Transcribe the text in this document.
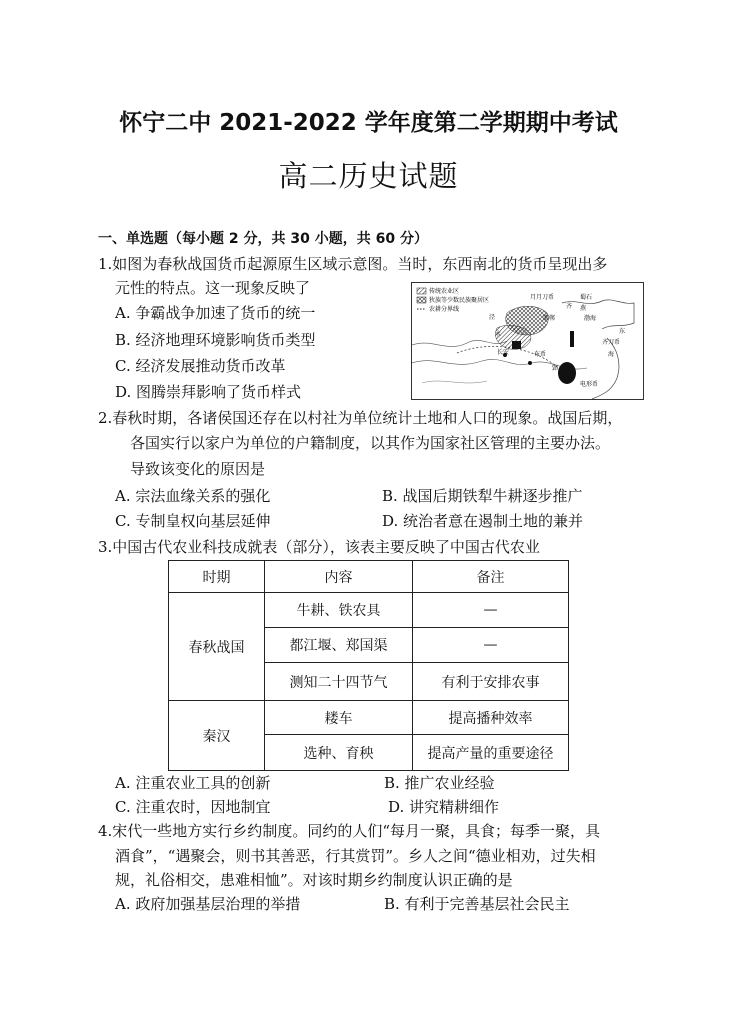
怀宁二中 2021-2022 学年度第二学期期中考试
高二历史试题
一、单选题（每小题 2 分，共 30 小题，共 60 分）
1.如图为春秋战国货币起源原生区域示意图。当时，东西南北的货币呈现出多
元性的特点。这一现象反映了
A. 争霸战争加速了货币的统一
B. 经济地理环境影响货币类型
C. 经济发展推动货币改革
D. 图腾崇拜影响了货币样式
传统农业区
狄族等少数民族聚居区
农耕分界线
月月刀币	蜀石
齐 燕
渤海
泾	邯郸
水	东
长安	布币
齐刀币
海
郢
电形币
2.春秋时期，各诸侯国还存在以村社为单位统计土地和人口的现象。战国后期，
各国实行以家户为单位的户籍制度，以其作为国家社区管理的主要办法。
导致该变化的原因是
A. 宗法血缘关系的强化	B. 战国后期铁犁牛耕逐步推广
C. 专制皇权向基层延伸	D. 统治者意在遏制土地的兼并
3.中国古代农业科技成就表（部分），该表主要反映了中国古代农业
时期	内容	备注
春秋战国	牛耕、铁农具	—
	都江堰、郑国渠	—
	测知二十四节气	有利于安排农事
秦汉	耧车	提高播种效率
	选种、育秧	提高产量的重要途径
A. 注重农业工具的创新	B. 推广农业经验
C. 注重农时，因地制宜	D. 讲究精耕细作
4.宋代一些地方实行乡约制度。同约的人们“每月一聚，具食；每季一聚，具
酒食”，“遇聚会，则书其善恶，行其赏罚”。乡人之间“德业相劝，过失相
规，礼俗相交，患难相恤”。对该时期乡约制度认识正确的是
A. 政府加强基层治理的举措	B. 有利于完善基层社会民主
